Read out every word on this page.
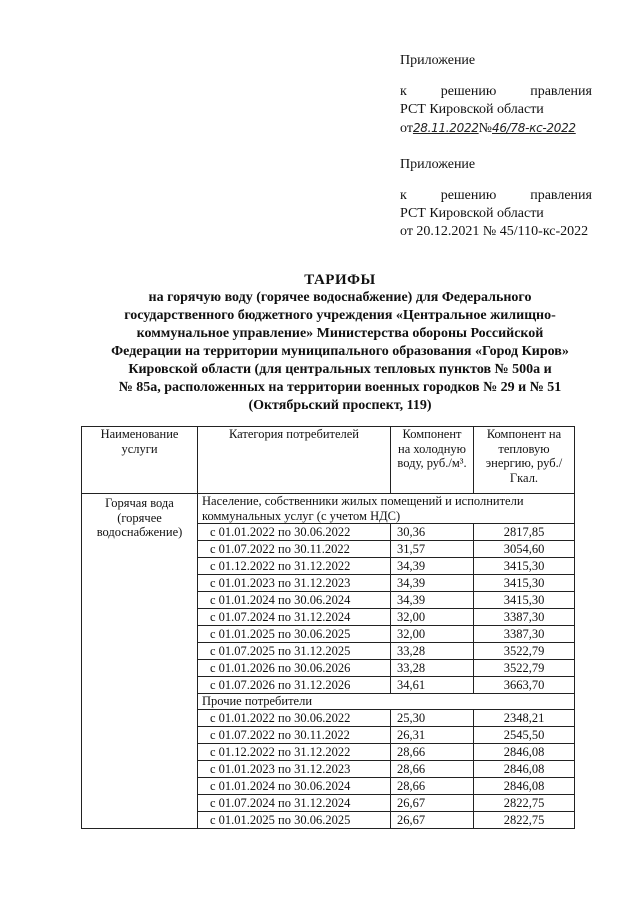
Приложение
к решению правления
РСТ Кировской области
от28.11.2022№46/78-кс-2022
Приложение
к решению правления
РСТ Кировской области
от 20.12.2021 № 45/110-кс-2022
ТАРИФЫ
на горячую воду (горячее водоснабжение) для Федерального
государственного бюджетного учреждения «Центральное жилищно-
коммунальное управление» Министерства обороны Российской
Федерации на территории муниципального образования «Город Киров»
Кировской области (для центральных тепловых пунктов № 500а и
№ 85а, расположенных на территории военных городков № 29 и № 51
(Октябрьский проспект, 119)
Наименование услуги	Категория потребителей	Компонент на холодную воду, руб./м³.	Компонент на тепловую энергию, руб./Гкал.
Горячая вода (горячее водоснабжение)	Население, собственники жилых помещений и исполнители коммунальных услуг (с учетом НДС)		
	с 01.01.2022 по 30.06.2022	30,36	2817,85
	с 01.07.2022 по 30.11.2022	31,57	3054,60
	с 01.12.2022 по 31.12.2022	34,39	3415,30
	с 01.01.2023 по 31.12.2023	34,39	3415,30
	с 01.01.2024 по 30.06.2024	34,39	3415,30
	с 01.07.2024 по 31.12.2024	32,00	3387,30
	с 01.01.2025 по 30.06.2025	32,00	3387,30
	с 01.07.2025 по 31.12.2025	33,28	3522,79
	с 01.01.2026 по 30.06.2026	33,28	3522,79
	с 01.07.2026 по 31.12.2026	34,61	3663,70
	Прочие потребители		
	с 01.01.2022 по 30.06.2022	25,30	2348,21
	с 01.07.2022 по 30.11.2022	26,31	2545,50
	с 01.12.2022 по 31.12.2022	28,66	2846,08
	с 01.01.2023 по 31.12.2023	28,66	2846,08
	с 01.01.2024 по 30.06.2024	28,66	2846,08
	с 01.07.2024 по 31.12.2024	26,67	2822,75
	с 01.01.2025 по 30.06.2025	26,67	2822,75
